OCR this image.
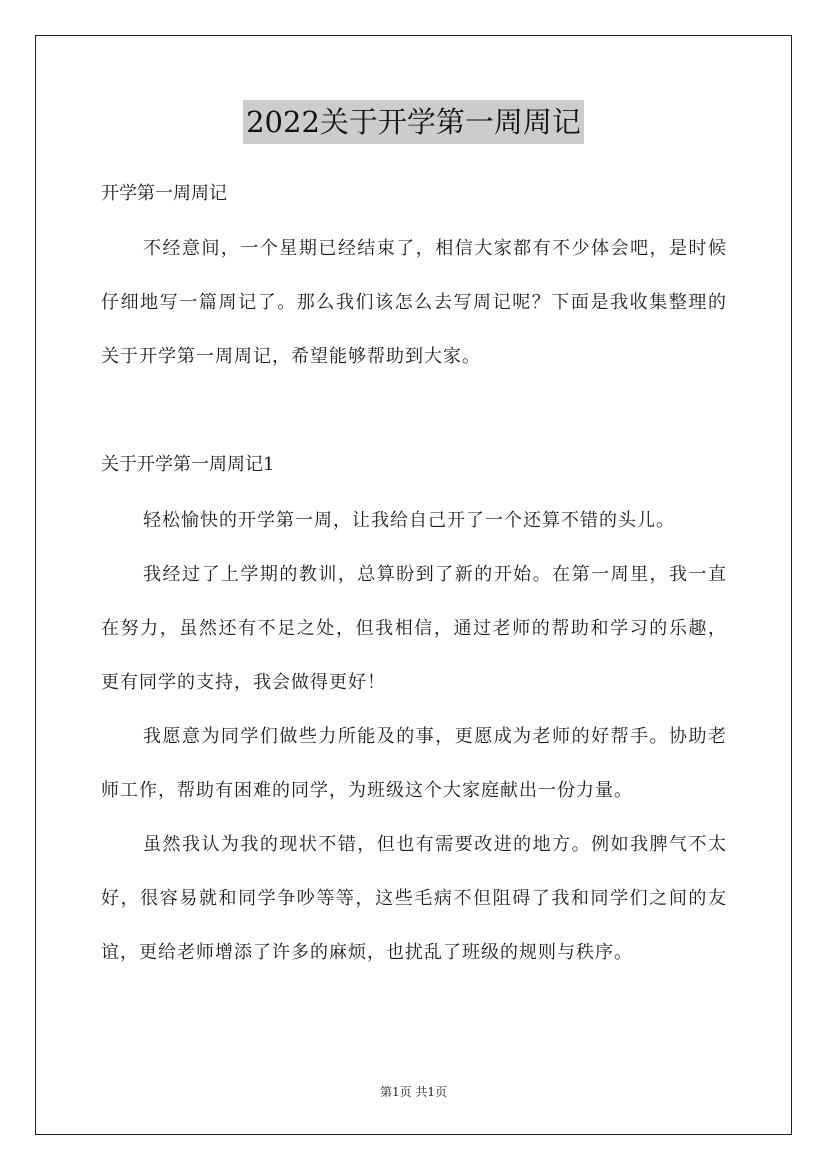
2022关于开学第一周周记

开学第一周周记

不经意间，一个星期已经结束了，相信大家都有不少体会吧，是时候仔细地写一篇周记了。那么我们该怎么去写周记呢？下面是我收集整理的关于开学第一周周记，希望能够帮助到大家。

关于开学第一周周记1

轻松愉快的开学第一周，让我给自己开了一个还算不错的头儿。

我经过了上学期的教训，总算盼到了新的开始。在第一周里，我一直在努力，虽然还有不足之处，但我相信，通过老师的帮助和学习的乐趣，更有同学的支持，我会做得更好！

我愿意为同学们做些力所能及的事，更愿成为老师的好帮手。协助老师工作，帮助有困难的同学，为班级这个大家庭献出一份力量。

虽然我认为我的现状不错，但也有需要改进的地方。例如我脾气不太好，很容易就和同学争吵等等，这些毛病不但阻碍了我和同学们之间的友谊，更给老师增添了许多的麻烦，也扰乱了班级的规则与秩序。

第1页 共1页
